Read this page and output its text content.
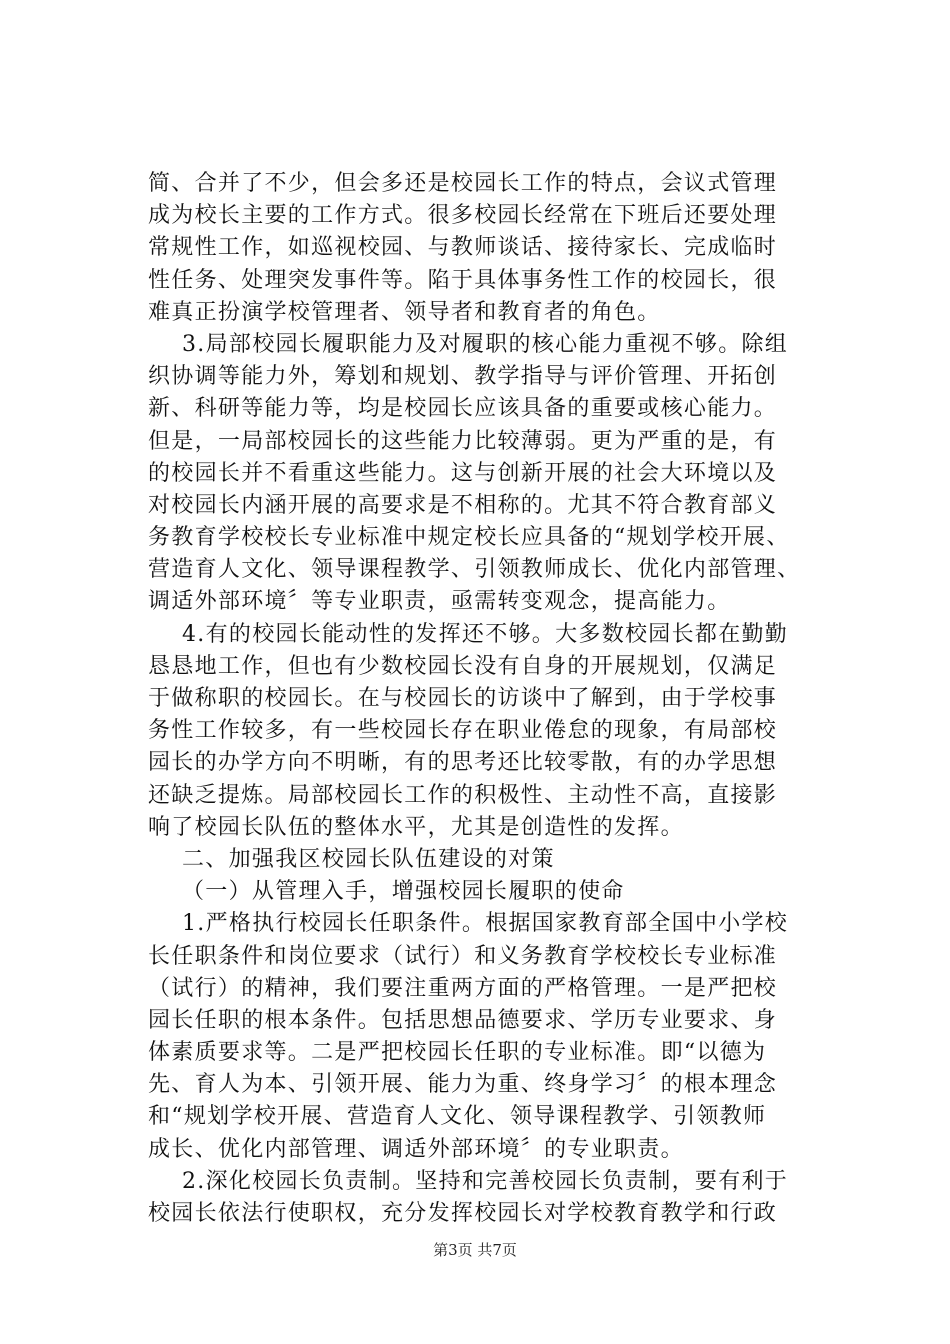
简、合并了不少，但会多还是校园长工作的特点，会议式管理
成为校长主要的工作方式。很多校园长经常在下班后还要处理
常规性工作，如巡视校园、与教师谈话、接待家长、完成临时
性任务、处理突发事件等。陷于具体事务性工作的校园长，很
难真正扮演学校管理者、领导者和教育者的角色。
3.局部校园长履职能力及对履职的核心能力重视不够。除组
织协调等能力外，筹划和规划、教学指导与评价管理、开拓创
新、科研等能力等，均是校园长应该具备的重要或核心能力。
但是，一局部校园长的这些能力比较薄弱。更为严重的是，有
的校园长并不看重这些能力。这与创新开展的社会大环境以及
对校园长内涵开展的高要求是不相称的。尤其不符合教育部义
务教育学校校长专业标准中规定校长应具备的“规划学校开展、
营造育人文化、领导课程教学、引领教师成长、优化内部管理、
调适外部环境〞等专业职责，亟需转变观念，提高能力。
4.有的校园长能动性的发挥还不够。大多数校园长都在勤勤
恳恳地工作，但也有少数校园长没有自身的开展规划，仅满足
于做称职的校园长。在与校园长的访谈中了解到，由于学校事
务性工作较多，有一些校园长存在职业倦怠的现象，有局部校
园长的办学方向不明晰，有的思考还比较零散，有的办学思想
还缺乏提炼。局部校园长工作的积极性、主动性不高，直接影
响了校园长队伍的整体水平，尤其是创造性的发挥。
二、加强我区校园长队伍建设的对策
（一）从管理入手，增强校园长履职的使命
1.严格执行校园长任职条件。根据国家教育部全国中小学校
长任职条件和岗位要求（试行）和义务教育学校校长专业标准
（试行）的精神，我们要注重两方面的严格管理。一是严把校
园长任职的根本条件。包括思想品德要求、学历专业要求、身
体素质要求等。二是严把校园长任职的专业标准。即“以德为
先、育人为本、引领开展、能力为重、终身学习〞的根本理念
和“规划学校开展、营造育人文化、领导课程教学、引领教师
成长、优化内部管理、调适外部环境〞的专业职责。
2.深化校园长负责制。坚持和完善校园长负责制，要有利于
校园长依法行使职权，充分发挥校园长对学校教育教学和行政
第3页 共7页
